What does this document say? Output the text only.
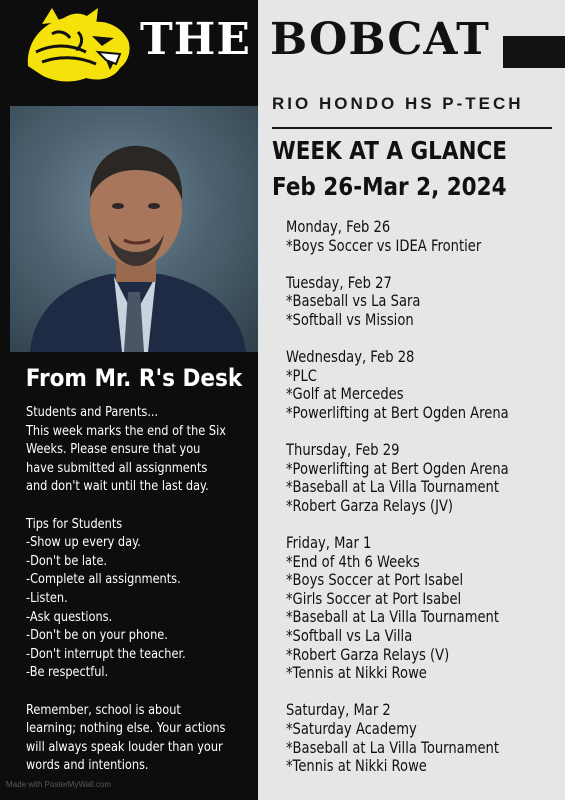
THE BOBCAT
RIO HONDO HS P-TECH
From Mr. R's Desk

Students and Parents...
This week marks the end of the Six Weeks. Please ensure that you have submitted all assignments and don't wait until the last day.

Tips for Students
-Show up every day.
-Don't be late.
-Complete all assignments.
-Listen.
-Ask questions.
-Don't be on your phone.
-Don't interrupt the teacher.
-Be respectful.

Remember, school is about learning; nothing else. Your actions will always speak louder than your words and intentions.

Made with PosterMyWall.com
WEEK AT A GLANCE
Feb 26-Mar 2, 2024
Monday, Feb 26
*Boys Soccer vs IDEA Frontier
Tuesday, Feb 27
*Baseball vs La Sara
*Softball vs Mission
Wednesday, Feb 28
*PLC
*Golf at Mercedes
*Powerlifting at Bert Ogden Arena
Thursday, Feb 29
*Powerlifting at Bert Ogden Arena
*Baseball at La Villa Tournament
*Robert Garza Relays (JV)
Friday, Mar 1
*End of 4th 6 Weeks
*Boys Soccer at Port Isabel
*Girls Soccer at Port Isabel
*Baseball at La Villa Tournament
*Softball vs La Villa
*Robert Garza Relays (V)
*Tennis at Nikki Rowe
Saturday, Mar 2
*Saturday Academy
*Baseball at La Villa Tournament
*Tennis at Nikki Rowe
